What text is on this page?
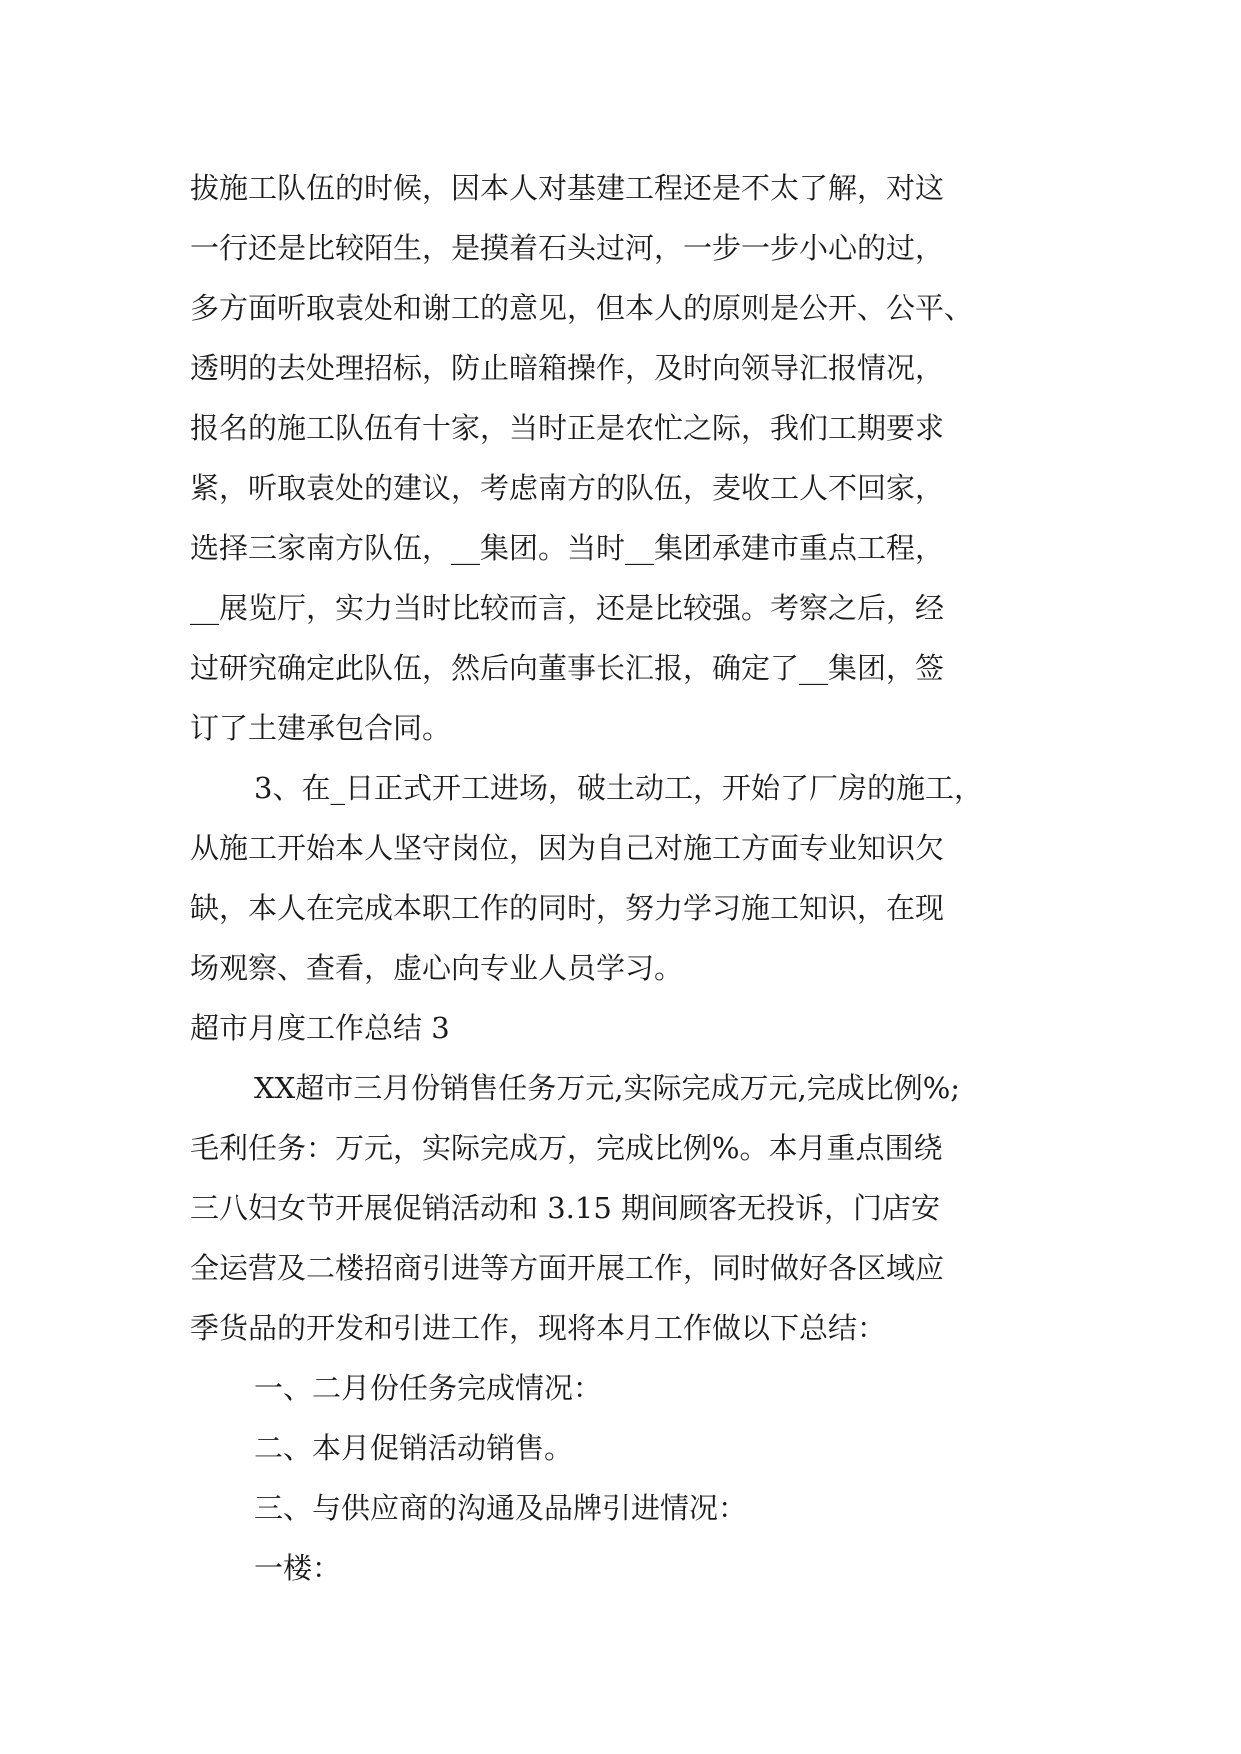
拔施工队伍的时候，因本人对基建工程还是不太了解，对这
一行还是比较陌生，是摸着石头过河，一步一步小心的过，
多方面听取袁处和谢工的意见，但本人的原则是公开、公平、
透明的去处理招标，防止暗箱操作，及时向领导汇报情况，
报名的施工队伍有十家，当时正是农忙之际，我们工期要求
紧，听取袁处的建议，考虑南方的队伍，麦收工人不回家，
选择三家南方队伍，__集团。当时__集团承建市重点工程，
__展览厅，实力当时比较而言，还是比较强。考察之后，经
过研究确定此队伍，然后向董事长汇报，确定了__集团，签
订了土建承包合同。
3、在_日正式开工进场，破土动工，开始了厂房的施工，
从施工开始本人坚守岗位，因为自己对施工方面专业知识欠
缺，本人在完成本职工作的同时，努力学习施工知识，在现
场观察、查看，虚心向专业人员学习。
超市月度工作总结 3
XX超市三月份销售任务万元,实际完成万元,完成比例%;
毛利任务：万元，实际完成万，完成比例%。本月重点围绕
三八妇女节开展促销活动和 3.15 期间顾客无投诉，门店安
全运营及二楼招商引进等方面开展工作，同时做好各区域应
季货品的开发和引进工作，现将本月工作做以下总结：
一、二月份任务完成情况：
二、本月促销活动销售。
三、与供应商的沟通及品牌引进情况：
一楼：
